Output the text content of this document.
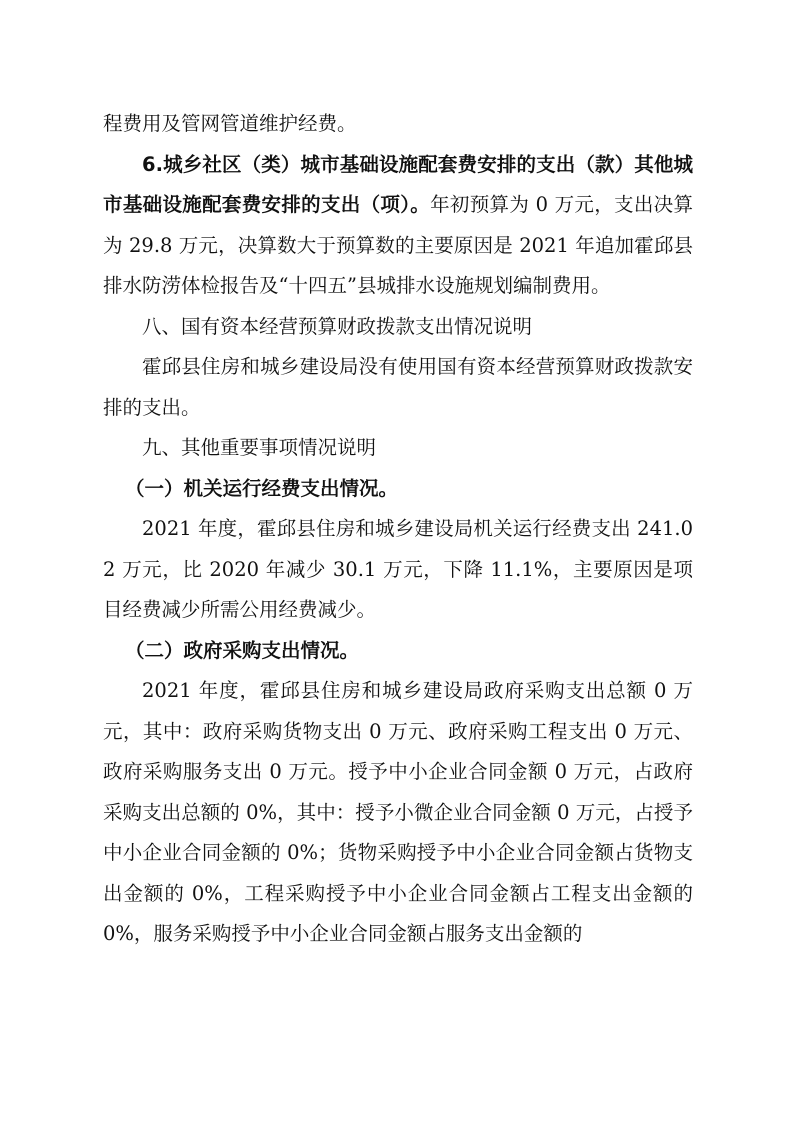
程费用及管网管道维护经费。

6.城乡社区（类）城市基础设施配套费安排的支出（款）其他城市基础设施配套费安排的支出（项）。年初预算为 0 万元，支出决算为 29.8 万元，决算数大于预算数的主要原因是 2021 年追加霍邱县排水防涝体检报告及“十四五”县城排水设施规划编制费用。

八、国有资本经营预算财政拨款支出情况说明

霍邱县住房和城乡建设局没有使用国有资本经营预算财政拨款安排的支出。

九、其他重要事项情况说明

（一）机关运行经费支出情况。

2021 年度，霍邱县住房和城乡建设局机关运行经费支出 241.02 万元，比 2020 年减少 30.1 万元，下降 11.1%，主要原因是项目经费减少所需公用经费减少。

（二）政府采购支出情况。

2021 年度，霍邱县住房和城乡建设局政府采购支出总额 0 万元，其中：政府采购货物支出 0 万元、政府采购工程支出 0 万元、政府采购服务支出 0 万元。授予中小企业合同金额 0 万元，占政府采购支出总额的 0%，其中：授予小微企业合同金额 0 万元，占授予中小企业合同金额的 0%；货物采购授予中小企业合同金额占货物支出金额的 0%，工程采购授予中小企业合同金额占工程支出金额的 0%，服务采购授予中小企业合同金额占服务支出金额的
